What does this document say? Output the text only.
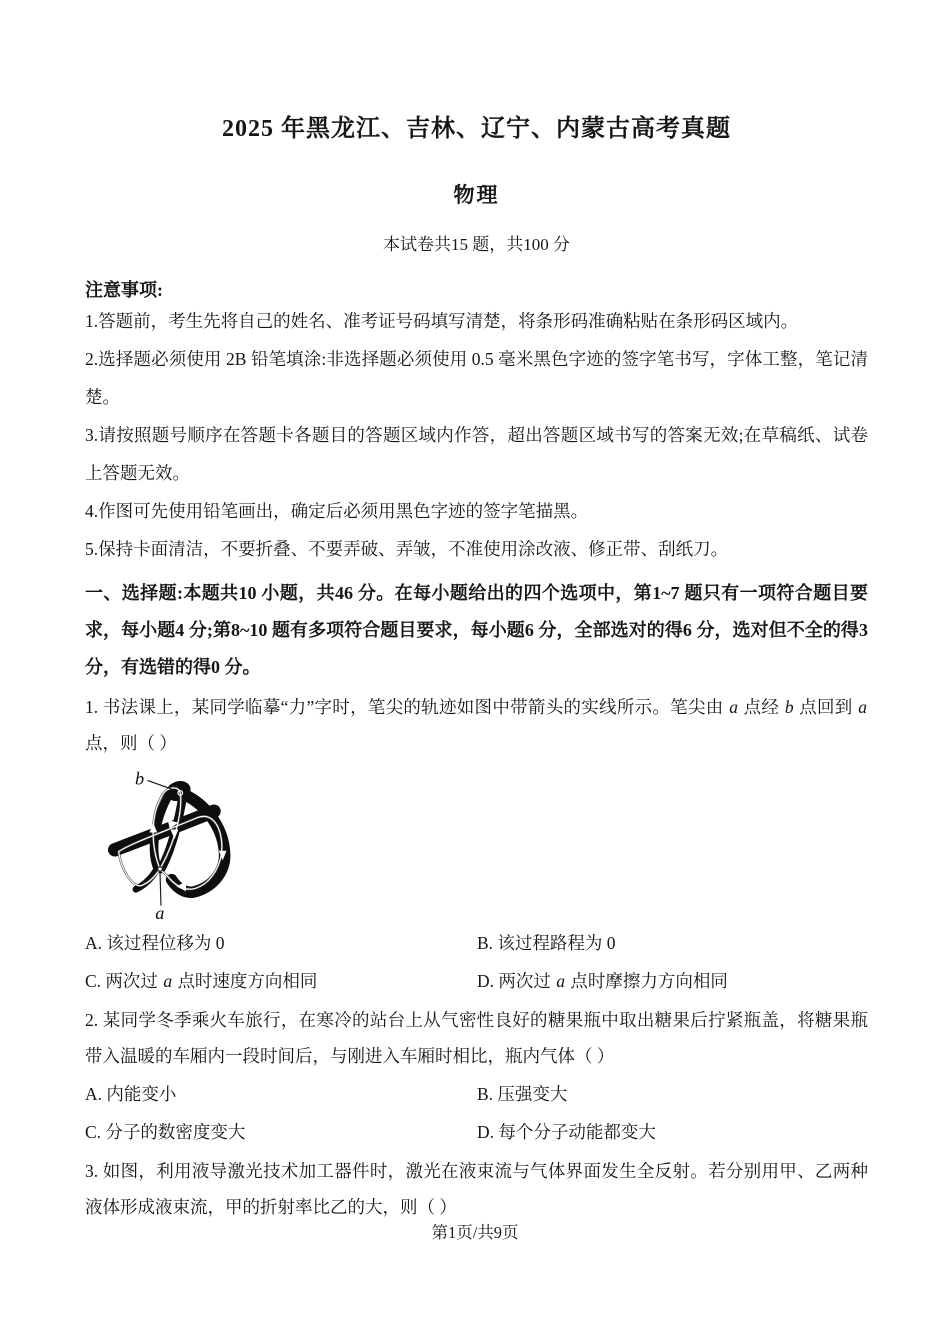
2025 年黑龙江、吉林、辽宁、内蒙古高考真题
物理
本试卷共15 题，共100 分
注意事项:

1.答题前，考生先将自己的姓名、准考证号码填写清楚，将条形码准确粘贴在条形码区域内。

2.选择题必须使用 2B 铅笔填涂:非选择题必须使用 0.5 毫米黑色字迹的签字笔书写，字体工整，笔记清楚。

3.请按照题号顺序在答题卡各题目的答题区域内作答，超出答题区域书写的答案无效;在草稿纸、试卷上答题无效。

4.作图可先使用铅笔画出，确定后必须用黑色字迹的签字笔描黑。

5.保持卡面清洁，不要折叠、不要弄破、弄皱，不准使用涂改液、修正带、刮纸刀。

一、选择题:本题共10 小题，共46 分。在每小题给出的四个选项中，第1~7 题只有一项符合题目要求，每小题4 分;第8~10 题有多项符合题目要求，每小题6 分，全部选对的得6 分，选对但不全的得3 分，有选错的得0 分。

1. 书法课上，某同学临摹“力”字时，笔尖的轨迹如图中带箭头的实线所示。笔尖由 a 点经 b 点回到 a 点，则（ ）

b
a
A. 该过程位移为 0	B. 该过程路程为 0
C. 两次过 a 点时速度方向相同	D. 两次过 a 点时摩擦力方向相同

2. 某同学冬季乘火车旅行，在寒冷的站台上从气密性良好的糖果瓶中取出糖果后拧紧瓶盖，将糖果瓶带入温暖的车厢内一段时间后，与刚进入车厢时相比，瓶内气体（ ）

A. 内能变小	B. 压强变大
C. 分子的数密度变大	D. 每个分子动能都变大

3. 如图，利用液导激光技术加工器件时，激光在液束流与气体界面发生全反射。若分别用甲、乙两种液体形成液束流，甲的折射率比乙的大，则（ ）

第1页/共9页
